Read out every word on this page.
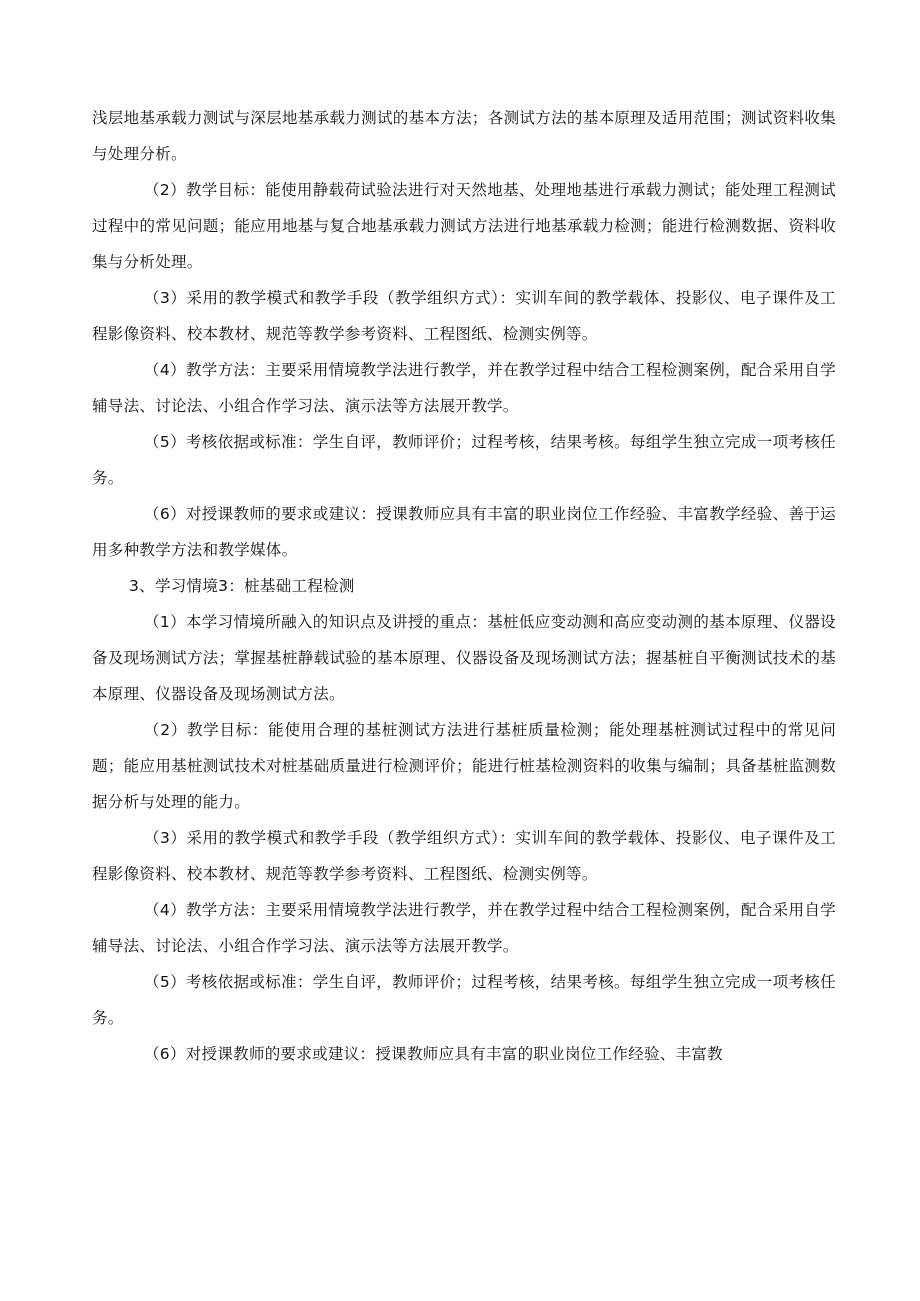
浅层地基承载力测试与深层地基承载力测试的基本方法；各测试方法的基本原理及适用范围；测试资料收集与处理分析。

（2）教学目标：能使用静载荷试验法进行对天然地基、处理地基进行承载力测试；能处理工程测试过程中的常见问题；能应用地基与复合地基承载力测试方法进行地基承载力检测；能进行检测数据、资料收集与分析处理。

（3）采用的教学模式和教学手段（教学组织方式）：实训车间的教学载体、投影仪、电子课件及工程影像资料、校本教材、规范等教学参考资料、工程图纸、检测实例等。

（4）教学方法：主要采用情境教学法进行教学，并在教学过程中结合工程检测案例，配合采用自学辅导法、讨论法、小组合作学习法、演示法等方法展开教学。

（5）考核依据或标准：学生自评，教师评价；过程考核，结果考核。每组学生独立完成一项考核任务。

（6）对授课教师的要求或建议：授课教师应具有丰富的职业岗位工作经验、丰富教学经验、善于运用多种教学方法和教学媒体。

3、学习情境3：桩基础工程检测

（1）本学习情境所融入的知识点及讲授的重点：基桩低应变动测和高应变动测的基本原理、仪器设备及现场测试方法；掌握基桩静载试验的基本原理、仪器设备及现场测试方法；握基桩自平衡测试技术的基本原理、仪器设备及现场测试方法。

（2）教学目标：能使用合理的基桩测试方法进行基桩质量检测；能处理基桩测试过程中的常见问题；能应用基桩测试技术对桩基础质量进行检测评价；能进行桩基检测资料的收集与编制；具备基桩监测数据分析与处理的能力。

（3）采用的教学模式和教学手段（教学组织方式）：实训车间的教学载体、投影仪、电子课件及工程影像资料、校本教材、规范等教学参考资料、工程图纸、检测实例等。

（4）教学方法：主要采用情境教学法进行教学，并在教学过程中结合工程检测案例，配合采用自学辅导法、讨论法、小组合作学习法、演示法等方法展开教学。

（5）考核依据或标准：学生自评，教师评价；过程考核，结果考核。每组学生独立完成一项考核任务。

（6）对授课教师的要求或建议：授课教师应具有丰富的职业岗位工作经验、丰富教
